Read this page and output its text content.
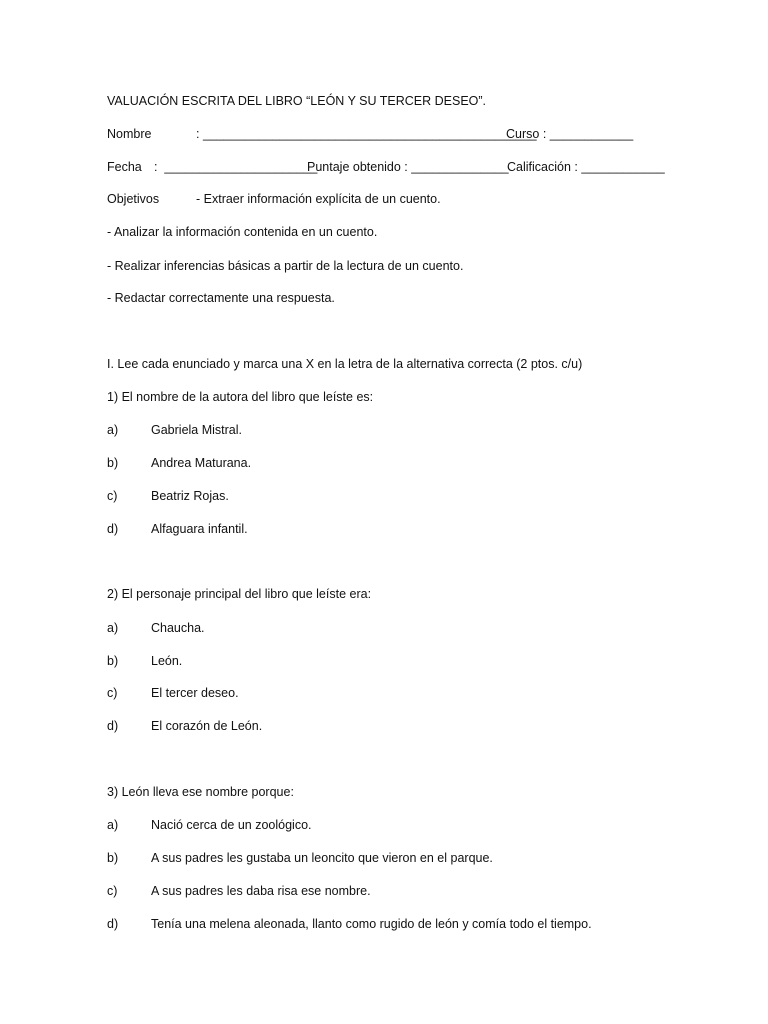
VALUACIÓN ESCRITA DEL LIBRO “LEÓN Y SU TERCER DESEO”.
Nombre	: ________________________________________________
Curso : ____________
Fecha :  ______________________
Puntaje obtenido : ______________
Calificación : ____________
Objetivos	- Extraer información explícita de un cuento.
- Analizar la información contenida en un cuento.
- Realizar inferencias básicas a partir de la lectura de un cuento.
- Redactar correctamente una respuesta.
I. Lee cada enunciado y marca una X en la letra de la alternativa correcta (2 ptos. c/u)
1) El nombre de la autora del libro que leíste es:
a)	Gabriela Mistral.
b)	Andrea Maturana.
c)	Beatriz Rojas.
d)	Alfaguara infantil.
2) El personaje principal del libro que leíste era:
a)	Chaucha.
b)	León.
c)	El tercer deseo.
d)	El corazón de León.
3) León lleva ese nombre porque:
a)	Nació cerca de un zoológico.
b)	A sus padres les gustaba un leoncito que vieron en el parque.
c)	A sus padres les daba risa ese nombre.
d)	Tenía una melena aleonada, llanto como rugido de león y comía todo el tiempo.
